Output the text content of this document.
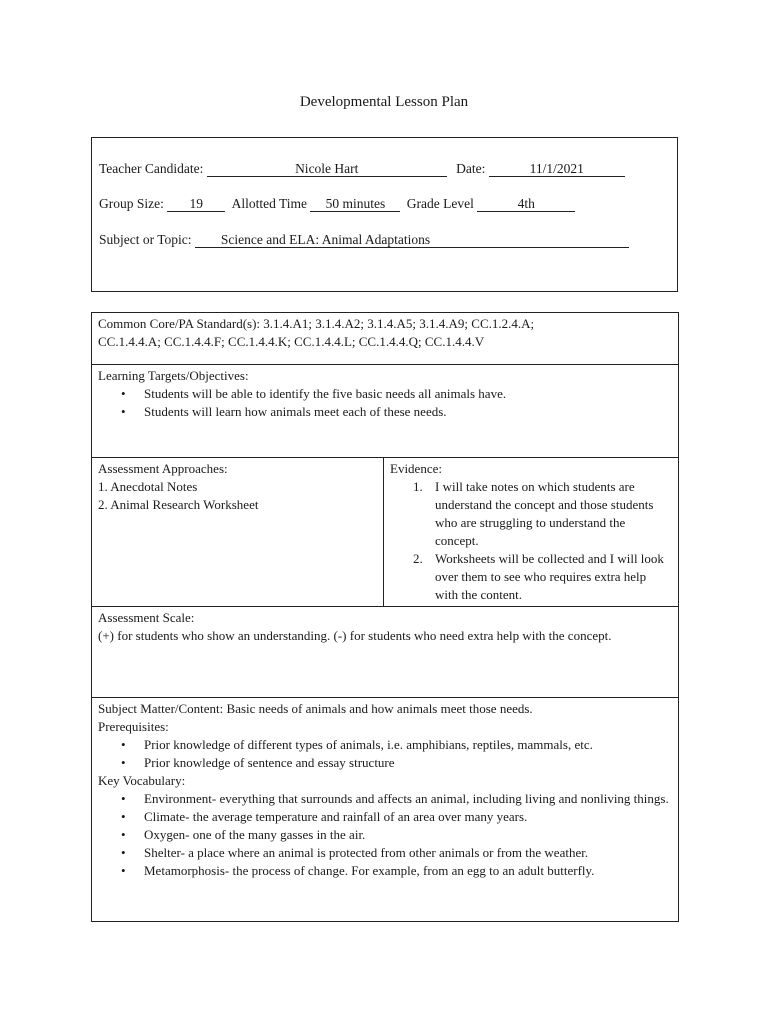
Developmental Lesson Plan
Teacher Candidate:	Nicole Hart	Date:	11/1/2021
Group Size: 19 Allotted Time 50 minutes Grade Level	4th
Subject or Topic: Science and ELA: Animal Adaptations
Common Core/PA Standard(s): 3.1.4.A1; 3.1.4.A2; 3.1.4.A5; 3.1.4.A9; CC.1.2.4.A;
CC.1.4.4.A; CC.1.4.4.F; CC.1.4.4.K; CC.1.4.4.L; CC.1.4.4.Q; CC.1.4.4.V

Learning Targets/Objectives:
• Students will be able to identify the five basic needs all animals have.
• Students will learn how animals meet each of these needs.

Assessment Approaches:
1. Anecdotal Notes
2. Animal Research Worksheet

Evidence:
1. I will take notes on which students are understand the concept and those students who are struggling to understand the concept.
2. Worksheets will be collected and I will look over them to see who requires extra help with the content.

Assessment Scale:
(+) for students who show an understanding. (-) for students who need extra help with the concept.

Subject Matter/Content: Basic needs of animals and how animals meet those needs.
Prerequisites:
• Prior knowledge of different types of animals, i.e. amphibians, reptiles, mammals, etc.
• Prior knowledge of sentence and essay structure
Key Vocabulary:
• Environment- everything that surrounds and affects an animal, including living and nonliving things.
• Climate- the average temperature and rainfall of an area over many years.
• Oxygen- one of the many gasses in the air.
• Shelter- a place where an animal is protected from other animals or from the weather.
• Metamorphosis- the process of change. For example, from an egg to an adult butterfly.
